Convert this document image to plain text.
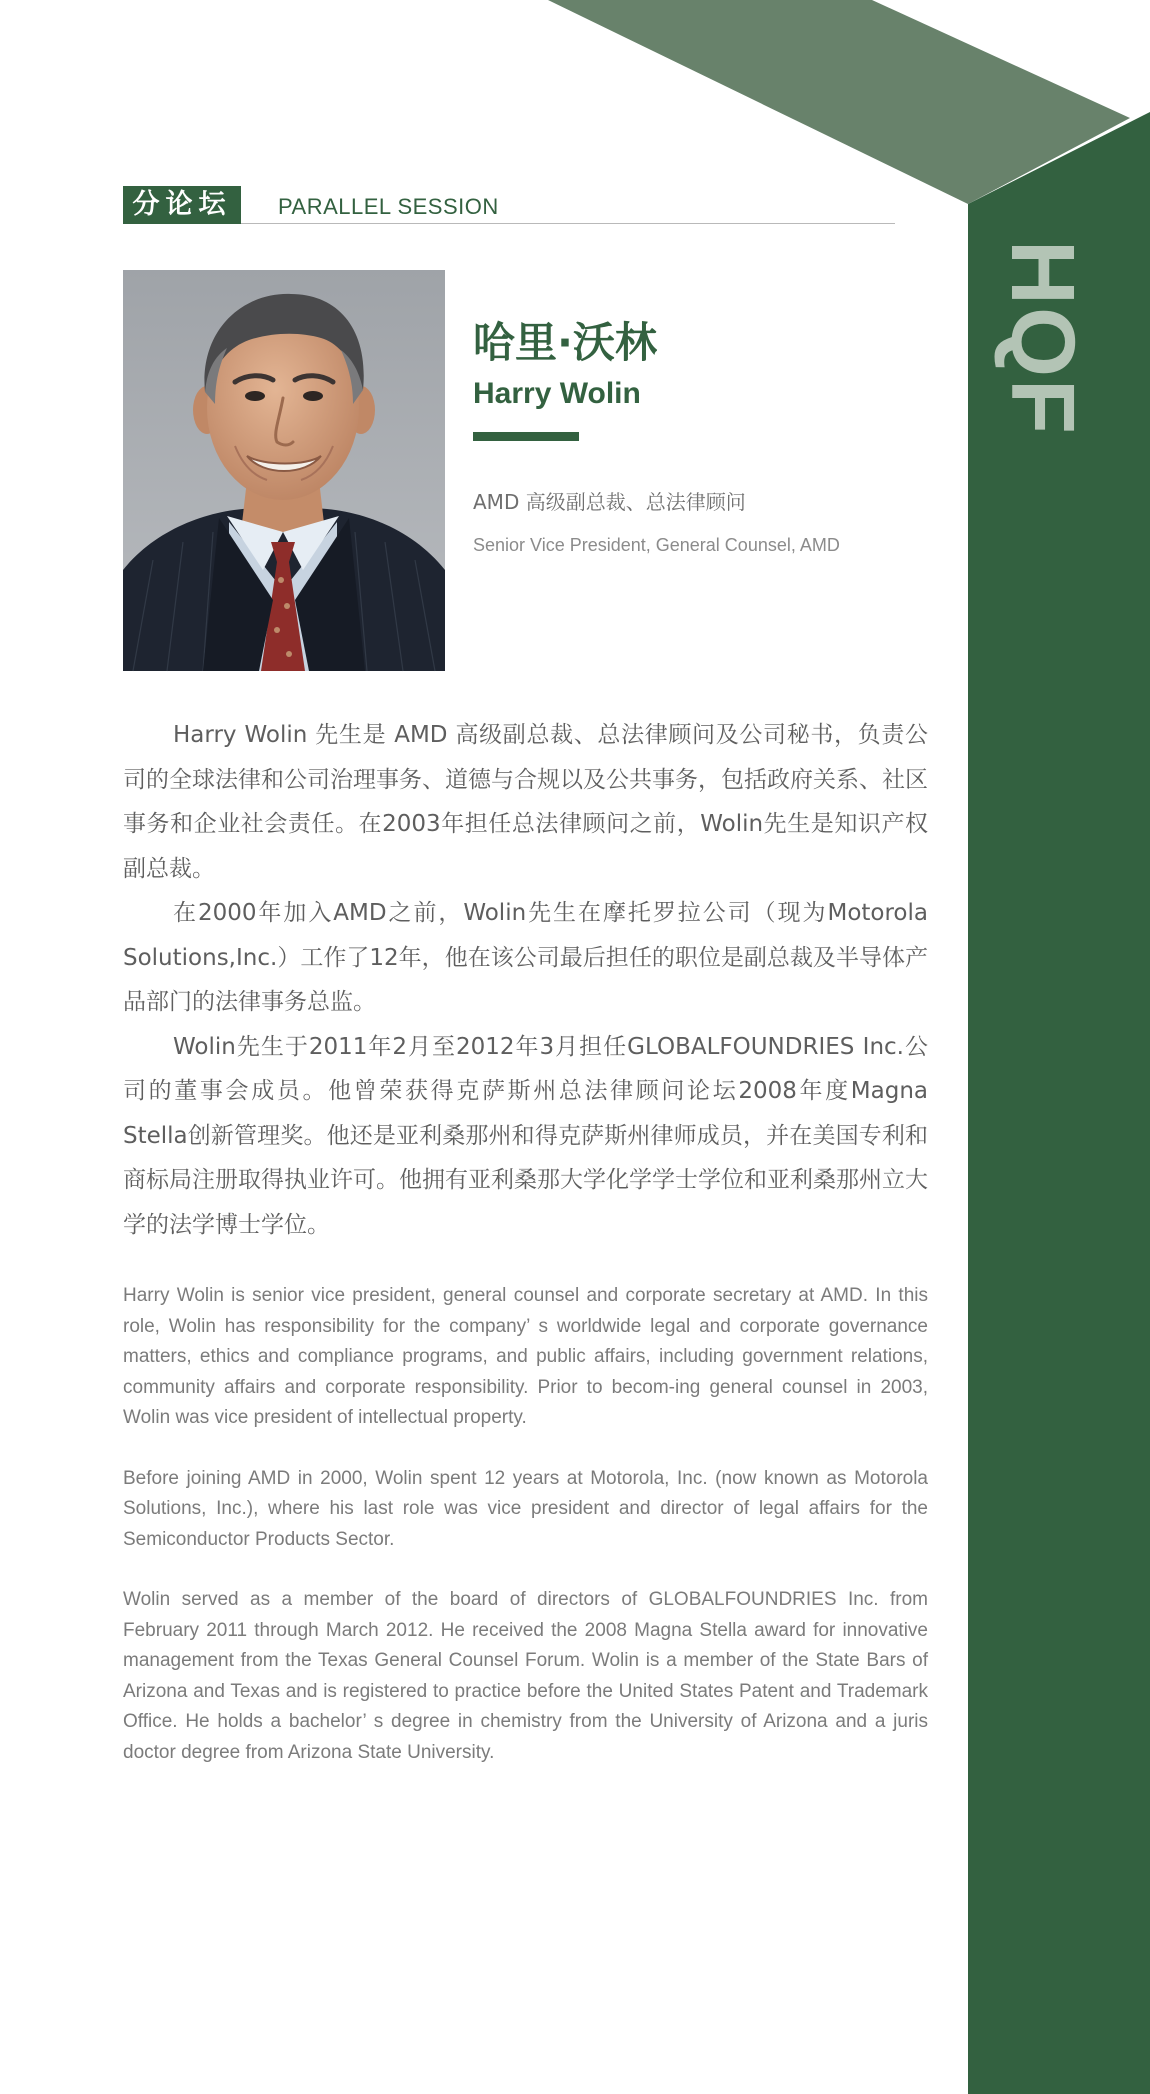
HQF
分论坛	PARALLEL SESSION
哈里·沃林
Harry Wolin
AMD 高级副总裁、总法律顾问
Senior Vice President, General Counsel, AMD

Harry Wolin 先生是 AMD 高级副总裁、总法律顾问及公司秘书，负责公司的全球法律和公司治理事务、道德与合规以及公共事务，包括政府关系、社区事务和企业社会责任。在2003年担任总法律顾问之前，Wolin先生是知识产权副总裁。

在2000年加入AMD之前，Wolin先生在摩托罗拉公司（现为Motorola Solutions,Inc.）工作了12年，他在该公司最后担任的职位是副总裁及半导体产品部门的法律事务总监。

Wolin先生于2011年2月至2012年3月担任GLOBALFOUNDRIES Inc.公司的董事会成员。他曾荣获得克萨斯州总法律顾问论坛2008年度Magna Stella创新管理奖。他还是亚利桑那州和得克萨斯州律师成员，并在美国专利和商标局注册取得执业许可。他拥有亚利桑那大学化学学士学位和亚利桑那州立大学的法学博士学位。

Harry Wolin is senior vice president, general counsel and corporate secretary at AMD. In this role, Wolin has responsibility for the company’ s worldwide legal and corporate governance matters, ethics and compliance programs, and public affairs, including government relations, community affairs and corporate responsibility. Prior to becom-ing general counsel in 2003, Wolin was vice president of intellectual property.

Before joining AMD in 2000, Wolin spent 12 years at Motorola, Inc. (now known as Motorola Solutions, Inc.), where his last role was vice president and director of legal affairs for the Semiconductor Products Sector.

Wolin served as a member of the board of directors of GLOBALFOUNDRIES Inc. from February 2011 through March 2012. He received the 2008 Magna Stella award for innovative management from the Texas General Counsel Forum. Wolin is a member of the State Bars of Arizona and Texas and is registered to practice before the United States Patent and Trademark Office. He holds a bachelor’ s degree in chemistry from the University of Arizona and a juris doctor degree from Arizona State University.
